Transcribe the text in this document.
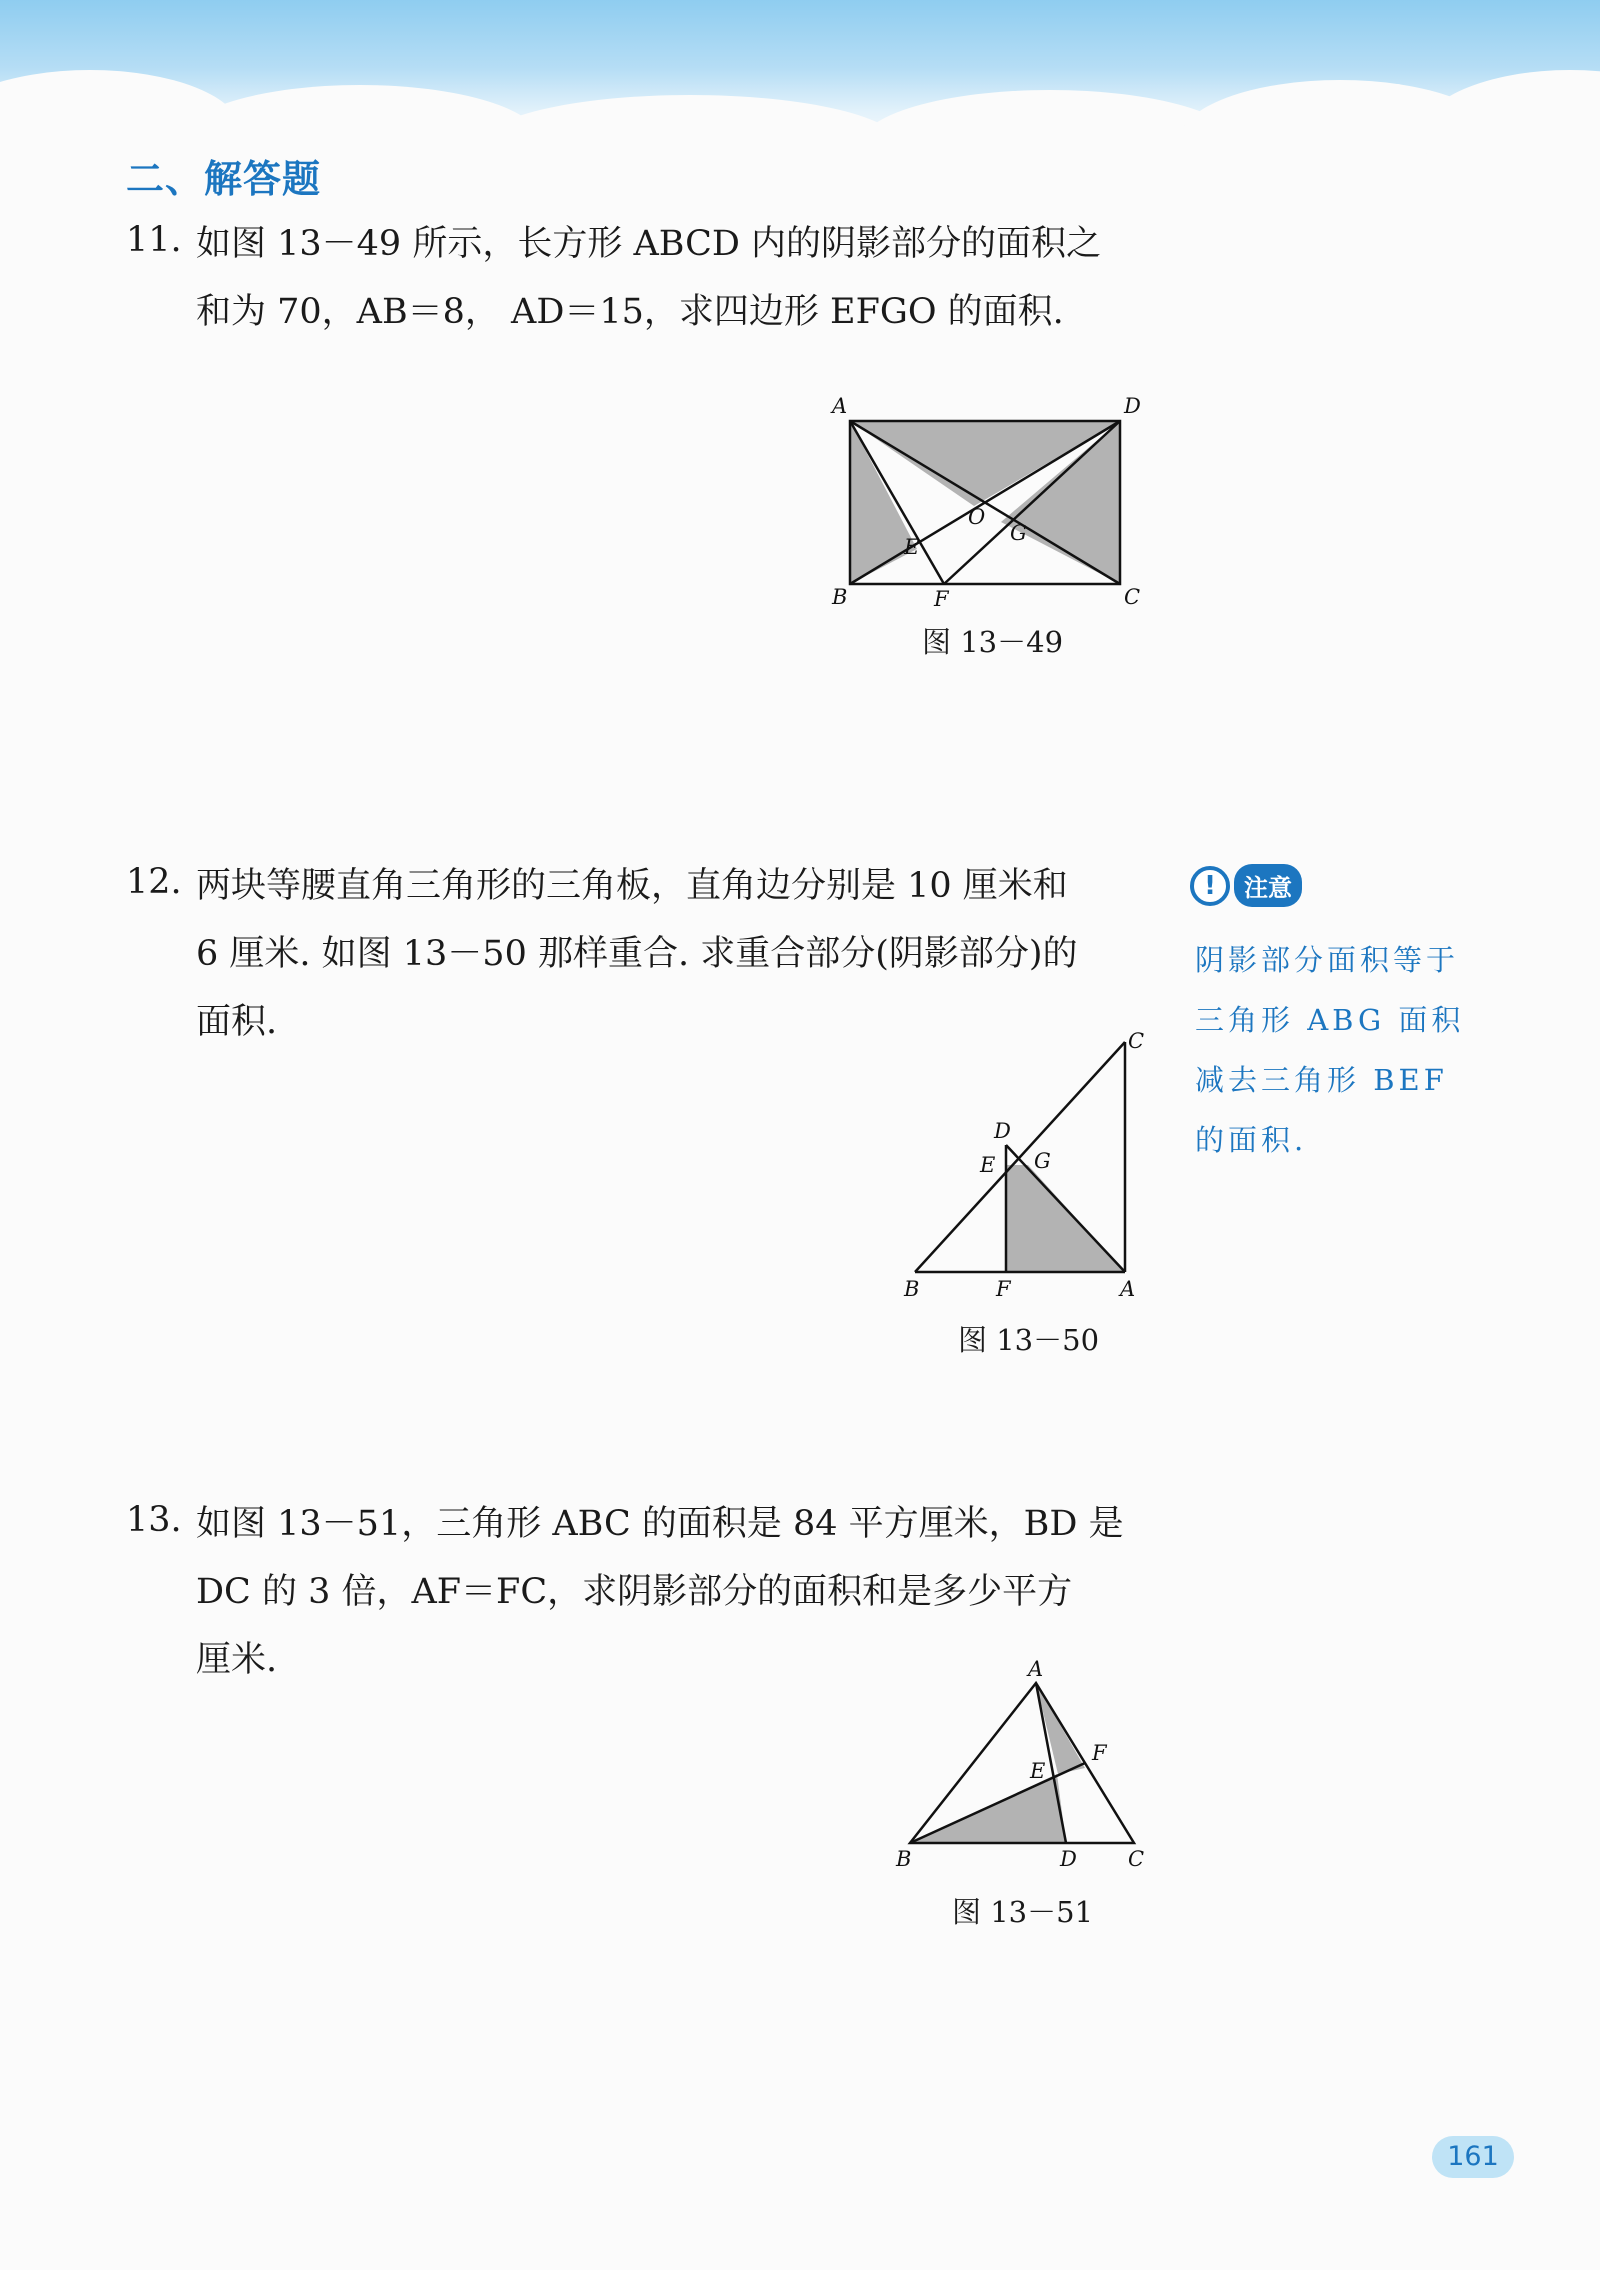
二、解答题
11. 如图 13－49 所示，长方形 ABCD 内的阴影部分的面积之
和为 70，AB＝8， AD＝15，求四边形 EFGO 的面积.
A	D
B	C
F
E
O
G
图 13－49
12. 两块等腰直角三角形的三角板，直角边分别是 10 厘米和
6 厘米. 如图 13－50 那样重合. 求重合部分(阴影部分)的
面积.
!	注意
阴影部分面积等于
三角形 ABG 面积
减去三角形 BEF
的面积.
C
D
E G
B	F	A
图 13－50
13. 如图 13－51，三角形 ABC 的面积是 84 平方厘米，BD 是
DC 的 3 倍，AF＝FC，求阴影部分的面积和是多少平方
厘米.	A
F
E
B	D C
图 13－51
161
